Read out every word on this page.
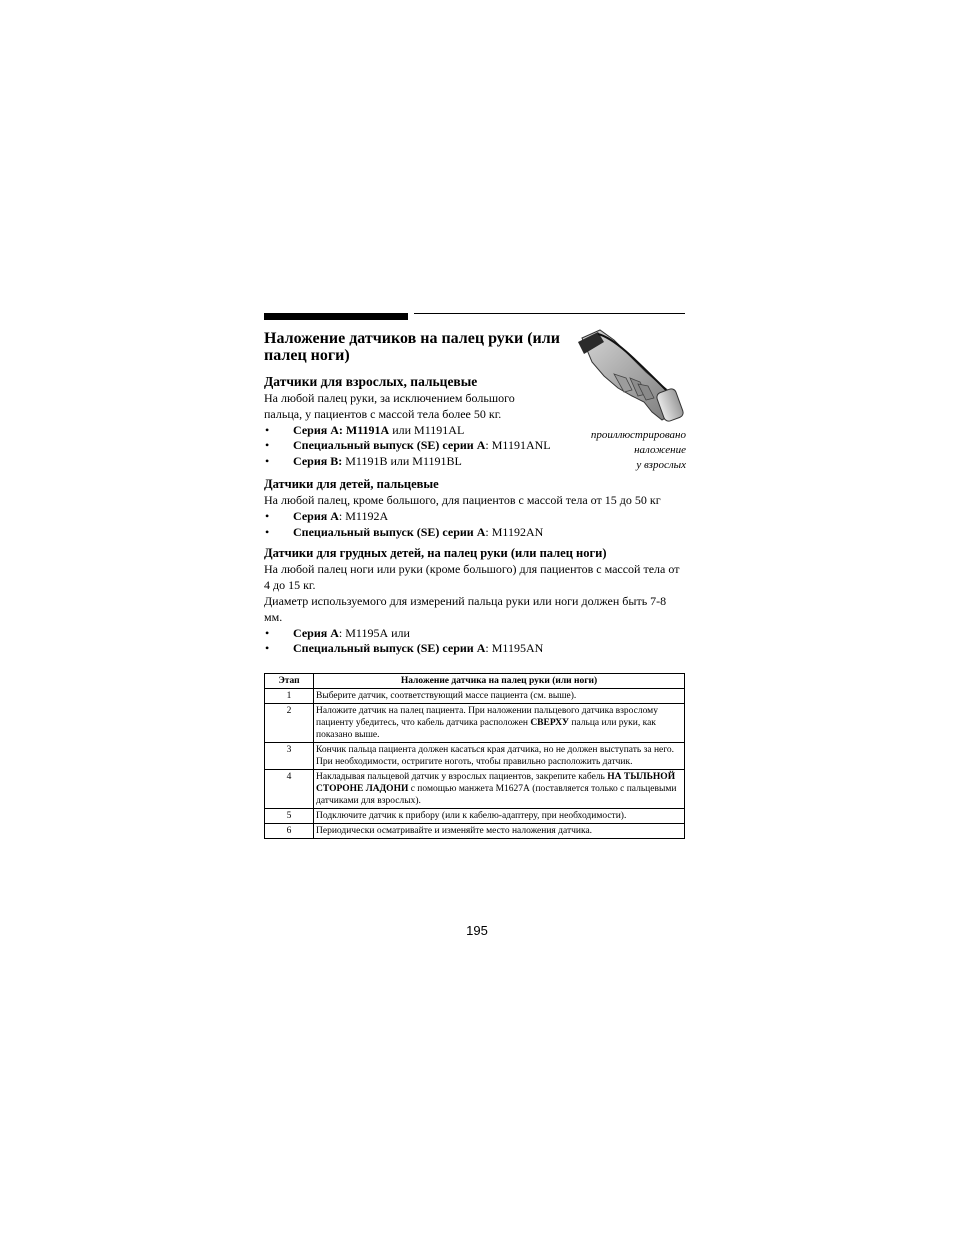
проиллюстрировано
наложение
у взрослых
Наложение датчиков на палец руки (или палец ноги)
Датчики для взрослых, пальцевые

На любой палец руки, за исключением большого пальца, у пациентов с массой тела более 50 кг.

• Серия А: М1191А или М1191AL
• Специальный выпуск (SE) серии А: М1191ANL
• Серия В: М1191В или М1191BL
Датчики для детей, пальцевые

На любой палец, кроме большого, для пациентов с массой тела от 15 до 50 кг

• Серия А: М1192А
• Специальный выпуск (SE) серии А: М1192AN
Датчики для грудных детей, на палец руки (или палец ноги)

На любой палец ноги или руки (кроме большого) для пациентов с массой тела от 4 до 15 кг.

Диаметр используемого для измерений пальца руки или ноги должен быть 7-8 мм.

• Серия А: М1195А или
• Специальный выпуск (SE) серии А: М1195AN
Этап	Наложение датчика на палец руки (или ноги)
1	Выберите датчик, соответствующий массе пациента (см. выше).
2	Наложите датчик на палец пациента. При наложении пальцевого датчика взрослому пациенту убедитесь, что кабель датчика расположен СВЕРХУ пальца или руки, как показано выше.
3	Кончик пальца пациента должен касаться края датчика, но не должен выступать за него. При необходимости, остригите ноготь, чтобы правильно расположить датчик.
4	Накладывая пальцевой датчик у взрослых пациентов, закрепите кабель НА ТЫЛЬНОЙ СТОРОНЕ ЛАДОНИ с помощью манжета М1627А (поставляется только с пальцевыми датчиками для взрослых).
5	Подключите датчик к прибору (или к кабелю-адаптеру, при необходимости).
6	Периодически осматривайте и изменяйте место наложения датчика.
195
